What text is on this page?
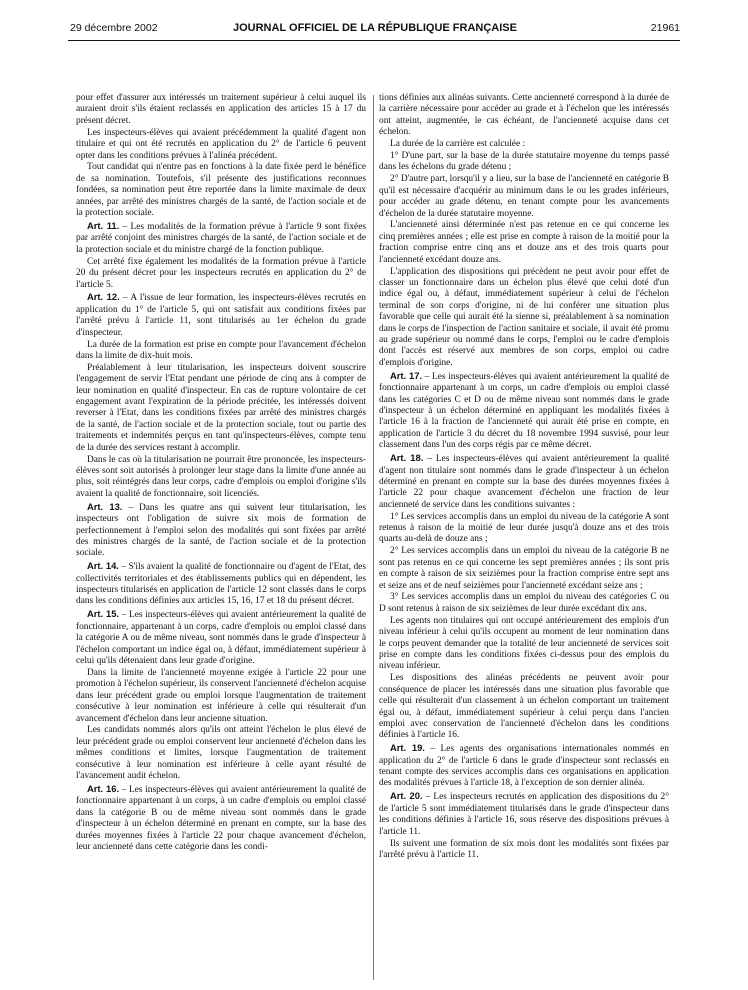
29 décembre 2002	JOURNAL OFFICIEL DE LA RÉPUBLIQUE FRANÇAISE	21961

pour effet d'assurer aux intéressés un traitement supérieur à celui auquel ils auraient droit s'ils étaient reclassés en application des articles 15 à 17 du présent décret.

Les inspecteurs-élèves qui avaient précédemment la qualité d'agent non titulaire et qui ont été recrutés en application du 2° de l'article 6 peuvent opter dans les conditions prévues à l'alinéa précédent.

Tout candidat qui n'entre pas en fonctions à la date fixée perd le bénéfice de sa nomination. Toutefois, s'il présente des justifications reconnues fondées, sa nomination peut être reportée dans la limite maximale de deux années, par arrêté des ministres chargés de la santé, de l'action sociale et de la protection sociale.

Art. 11. – Les modalités de la formation prévue à l'article 9 sont fixées par arrêté conjoint des ministres chargés de la santé, de l'action sociale et de la protection sociale et du ministre chargé de la fonction publique.

Cet arrêté fixe également les modalités de la formation prévue à l'article 20 du présent décret pour les inspecteurs recrutés en application du 2° de l'article 5.

Art. 12. – A l'issue de leur formation, les inspecteurs-élèves recrutés en application du 1° de l'article 5, qui ont satisfait aux conditions fixées par l'arrêté prévu à l'article 11, sont titularisés au 1er échelon du grade d'inspecteur.

La durée de la formation est prise en compte pour l'avancement d'échelon dans la limite de dix-huit mois.

Préalablement à leur titularisation, les inspecteurs doivent souscrire l'engagement de servir l'Etat pendant une période de cinq ans à compter de leur nomination en qualité d'inspecteur. En cas de rupture volontaire de cet engagement avant l'expiration de la période précitée, les intéressés doivent reverser à l'Etat, dans les conditions fixées par arrêté des ministres chargés de la santé, de l'action sociale et de la protection sociale, tout ou partie des traitements et indemnités perçus en tant qu'inspecteurs-élèves, compte tenu de la durée des services restant à accomplir.

Dans le cas où la titularisation ne pourrait être prononcée, les inspecteurs-élèves sont soit autorisés à prolonger leur stage dans la limite d'une année au plus, soit réintégrés dans leur corps, cadre d'emplois ou emploi d'origine s'ils avaient la qualité de fonctionnaire, soit licenciés.

Art. 13. – Dans les quatre ans qui suivent leur titularisation, les inspecteurs ont l'obligation de suivre six mois de formation de perfectionnement à l'emploi selon des modalités qui sont fixées par arrêté des ministres chargés de la santé, de l'action sociale et de la protection sociale.

Art. 14. – S'ils avaient la qualité de fonctionnaire ou d'agent de l'Etat, des collectivités territoriales et des établissements publics qui en dépendent, les inspecteurs titularisés en application de l'article 12 sont classés dans le corps dans les conditions définies aux articles 15, 16, 17 et 18 du présent décret.

Art. 15. – Les inspecteurs-élèves qui avaient antérieurement la qualité de fonctionnaire, appartenant à un corps, cadre d'emplois ou emploi classé dans la catégorie A ou de même niveau, sont nommés dans le grade d'inspecteur à l'échelon comportant un indice égal ou, à défaut, immédiatement supérieur à celui qu'ils détenaient dans leur grade d'origine.

Dans la limite de l'ancienneté moyenne exigée à l'article 22 pour une promotion à l'échelon supérieur, ils conservent l'ancienneté d'échelon acquise dans leur précédent grade ou emploi lorsque l'augmentation de traitement consécutive à leur nomination est inférieure à celle qui résulterait d'un avancement d'échelon dans leur ancienne situation.

Les candidats nommés alors qu'ils ont atteint l'échelon le plus élevé de leur précédent grade ou emploi conservent leur ancienneté d'échelon dans les mêmes conditions et limites, lorsque l'augmentation de traitement consécutive à leur nomination est inférieure à celle ayant résulté de l'avancement audit échelon.

Art. 16. – Les inspecteurs-élèves qui avaient antérieurement la qualité de fonctionnaire appartenant à un corps, à un cadre d'emplois ou emploi classé dans la catégorie B ou de même niveau sont nommés dans le grade d'inspecteur à un échelon déterminé en prenant en compte, sur la base des durées moyennes fixées à l'article 22 pour chaque avancement d'échelon, leur ancienneté dans cette catégorie dans les condi-

tions définies aux alinéas suivants. Cette ancienneté correspond à la durée de la carrière nécessaire pour accéder au grade et à l'échelon que les intéressés ont atteint, augmentée, le cas échéant, de l'ancienneté acquise dans cet échelon.

La durée de la carrière est calculée :

1° D'une part, sur la base de la durée statutaire moyenne du temps passé dans les échelons du grade détenu ;

2° D'autre part, lorsqu'il y a lieu, sur la base de l'ancienneté en catégorie B qu'il est nécessaire d'acquérir au minimum dans le ou les grades inférieurs, pour accéder au grade détenu, en tenant compte pour les avancements d'échelon de la durée statutaire moyenne.

L'ancienneté ainsi déterminée n'est pas retenue en ce qui concerne les cinq premières années ; elle est prise en compte à raison de la moitié pour la fraction comprise entre cinq ans et douze ans et des trois quarts pour l'ancienneté excédant douze ans.

L'application des dispositions qui précèdent ne peut avoir pour effet de classer un fonctionnaire dans un échelon plus élevé que celui doté d'un indice égal ou, à défaut, immédiatement supérieur à celui de l'échelon terminal de son corps d'origine, ni de lui conférer une situation plus favorable que celle qui aurait été la sienne si, préalablement à sa nomination dans le corps de l'inspection de l'action sanitaire et sociale, il avait été promu au grade supérieur ou nommé dans le corps, l'emploi ou le cadre d'emplois dont l'accès est réservé aux membres de son corps, emploi ou cadre d'emplois d'origine.

Art. 17. – Les inspecteurs-élèves qui avaient antérieurement la qualité de fonctionnaire appartenant à un corps, un cadre d'emplois ou emploi classé dans les catégories C et D ou de même niveau sont nommés dans le grade d'inspecteur à un échelon déterminé en appliquant les modalités fixées à l'article 16 à la fraction de l'ancienneté qui aurait été prise en compte, en application de l'article 3 du décret du 18 novembre 1994 susvisé, pour leur classement dans l'un des corps régis par ce même décret.

Art. 18. – Les inspecteurs-élèves qui avaient antérieurement la qualité d'agent non titulaire sont nommés dans le grade d'inspecteur à un échelon déterminé en prenant en compte sur la base des durées moyennes fixées à l'article 22 pour chaque avancement d'échelon une fraction de leur ancienneté de service dans les conditions suivantes :

1° Les services accomplis dans un emploi du niveau de la catégorie A sont retenus à raison de la moitié de leur durée jusqu'à douze ans et des trois quarts au-delà de douze ans ;

2° Les services accomplis dans un emploi du niveau de la catégorie B ne sont pas retenus en ce qui concerne les sept premières années ; ils sont pris en compte à raison de six seizièmes pour la fraction comprise entre sept ans et seize ans et de neuf seizièmes pour l'ancienneté excédant seize ans ;

3° Les services accomplis dans un emploi du niveau des catégories C ou D sont retenus à raison de six seizièmes de leur durée excédant dix ans.

Les agents non titulaires qui ont occupé antérieurement des emplois d'un niveau inférieur à celui qu'ils occupent au moment de leur nomination dans le corps peuvent demander que la totalité de leur ancienneté de services soit prise en compte dans les conditions fixées ci-dessus pour des emplois du niveau inférieur.

Les dispositions des alinéas précédents ne peuvent avoir pour conséquence de placer les intéressés dans une situation plus favorable que celle qui résulterait d'un classement à un échelon comportant un traitement égal ou, à défaut, immédiatement supérieur à celui perçu dans l'ancien emploi avec conservation de l'ancienneté d'échelon dans les conditions définies à l'article 16.

Art. 19. – Les agents des organisations internationales nommés en application du 2° de l'article 6 dans le grade d'inspecteur sont reclassés en tenant compte des services accomplis dans ces organisations en application des modalités prévues à l'article 18, à l'exception de son dernier alinéa.

Art. 20. – Les inspecteurs recrutés en application des dispositions du 2° de l'article 5 sont immédiatement titularisés dans le grade d'inspecteur dans les conditions définies à l'article 16, sous réserve des dispositions prévues à l'article 11.

Ils suivent une formation de six mois dont les modalités sont fixées par l'arrêté prévu à l'article 11.
